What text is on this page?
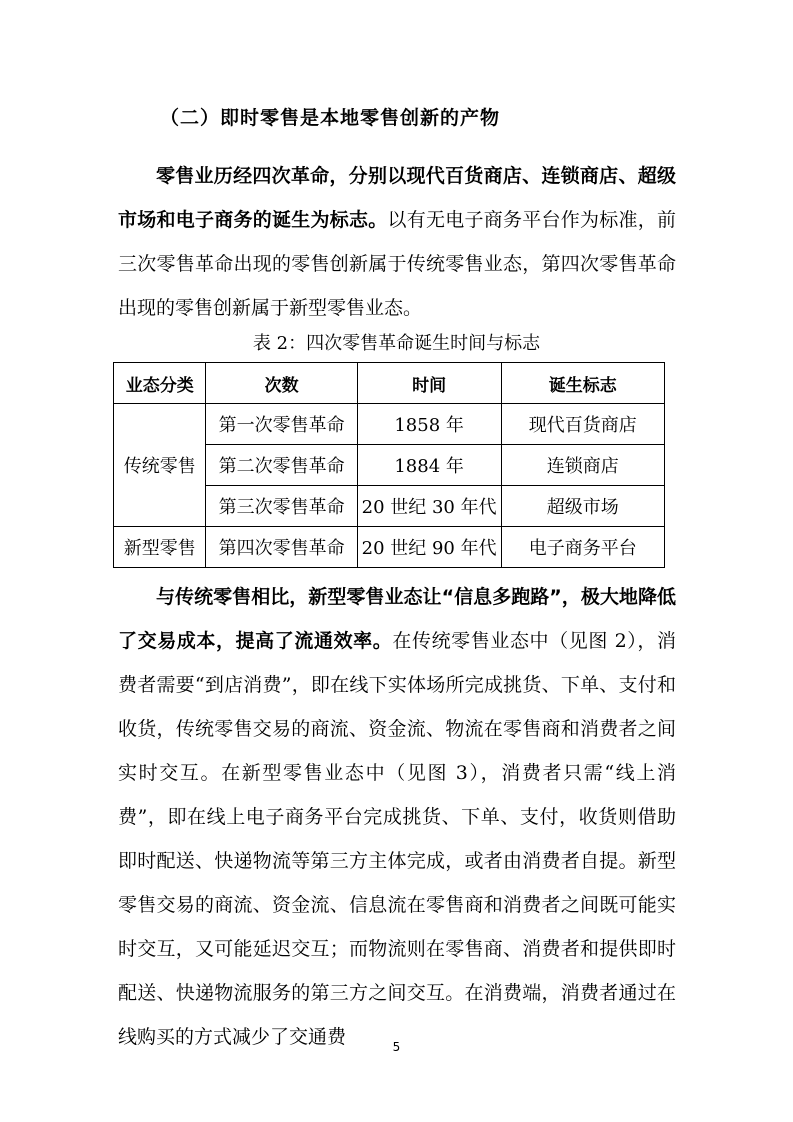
（二）即时零售是本地零售创新的产物

零售业历经四次革命，分别以现代百货商店、连锁商店、超级市场和电子商务的诞生为标志。以有无电子商务平台作为标准，前三次零售革命出现的零售创新属于传统零售业态，第四次零售革命出现的零售创新属于新型零售业态。

表 2：四次零售革命诞生时间与标志
业态分类	次数	时间	诞生标志
传统零售	第一次零售革命	1858 年	现代百货商店
	第二次零售革命	1884 年	连锁商店
	第三次零售革命	20 世纪 30 年代	超级市场
新型零售	第四次零售革命	20 世纪 90 年代	电子商务平台

与传统零售相比，新型零售业态让“信息多跑路”，极大地降低了交易成本，提高了流通效率。在传统零售业态中（见图 2），消费者需要“到店消费”，即在线下实体场所完成挑货、下单、支付和收货，传统零售交易的商流、资金流、物流在零售商和消费者之间实时交互。在新型零售业态中（见图 3），消费者只需“线上消费”，即在线上电子商务平台完成挑货、下单、支付，收货则借助即时配送、快递物流等第三方主体完成，或者由消费者自提。新型零售交易的商流、资金流、信息流在零售商和消费者之间既可能实时交互，又可能延迟交互；而物流则在零售商、消费者和提供即时配送、快递物流服务的第三方之间交互。在消费端，消费者通过在线购买的方式减少了交通费	5
